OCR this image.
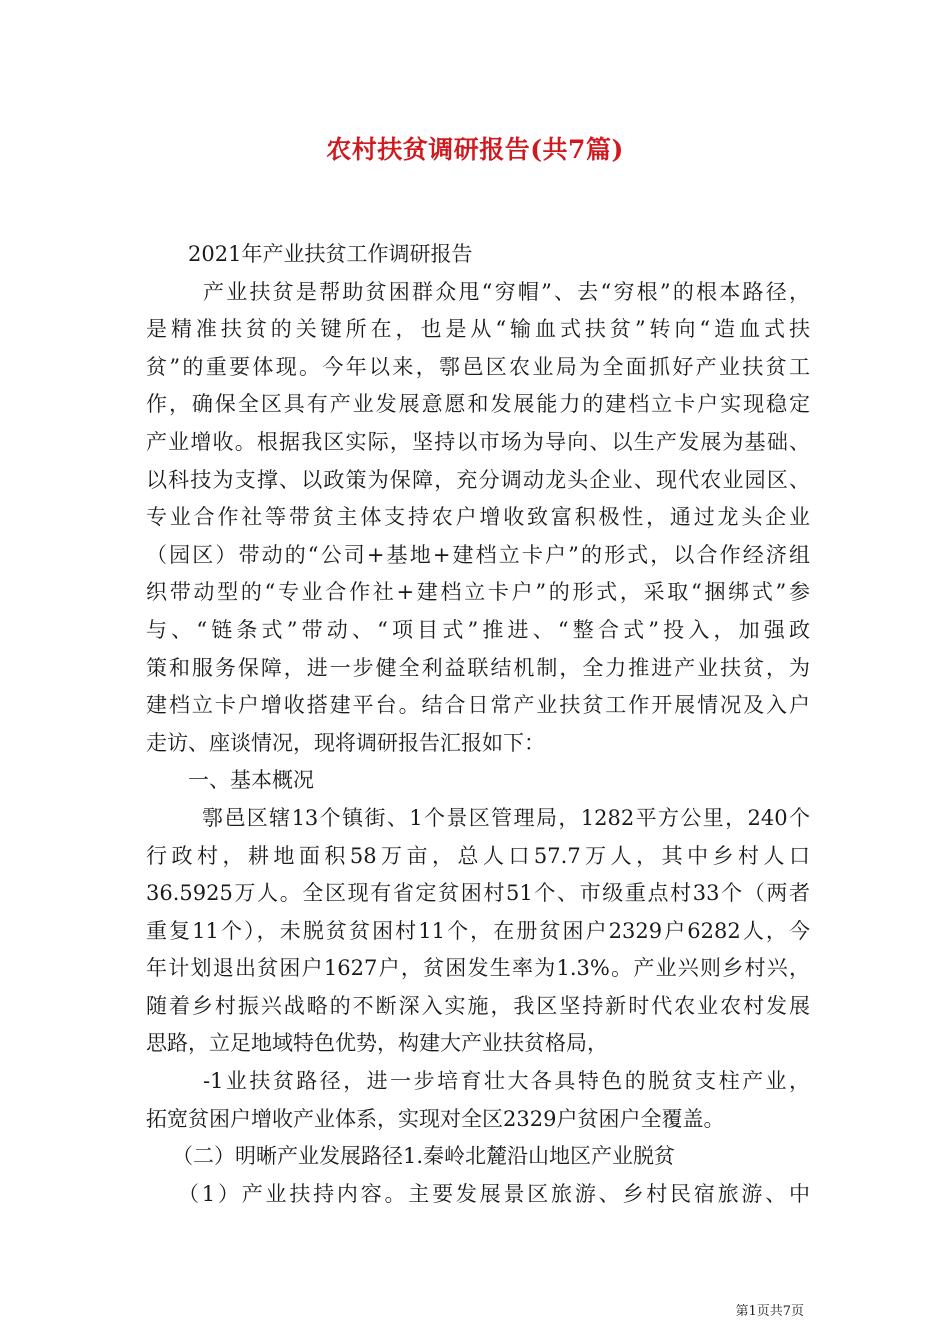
农村扶贫调研报告(共7篇)

2021年产业扶贫工作调研报告

产业扶贫是帮助贫困群众甩“穷帽”、去“穷根”的根本路径，

是精准扶贫的关键所在，也是从“输血式扶贫”转向“造血式扶

贫”的重要体现。今年以来，鄠邑区农业局为全面抓好产业扶贫工

作，确保全区具有产业发展意愿和发展能力的建档立卡户实现稳定

产业增收。根据我区实际，坚持以市场为导向、以生产发展为基础、

以科技为支撑、以政策为保障，充分调动龙头企业、现代农业园区、

专业合作社等带贫主体支持农户增收致富积极性，通过龙头企业

（园区）带动的“公司+基地+建档立卡户”的形式，以合作经济组

织带动型的“专业合作社+建档立卡户”的形式，采取“捆绑式”参

与、“链条式”带动、“项目式”推进、“整合式”投入，加强政

策和服务保障，进一步健全利益联结机制，全力推进产业扶贫，为

建档立卡户增收搭建平台。结合日常产业扶贫工作开展情况及入户

走访、座谈情况，现将调研报告汇报如下：

一、基本概况

鄠邑区辖13个镇街、1个景区管理局，1282平方公里，240个

行政村，耕地面积58万亩，总人口57.7万人，其中乡村人口

36.5925万人。全区现有省定贫困村51个、市级重点村33个（两者

重复11个），未脱贫贫困村11个，在册贫困户2329户6282人，今

年计划退出贫困户1627户，贫困发生率为1.3%。产业兴则乡村兴，

随着乡村振兴战略的不断深入实施，我区坚持新时代农业农村发展

思路，立足地域特色优势，构建大产业扶贫格局，

-1业扶贫路径，进一步培育壮大各具特色的脱贫支柱产业，

拓宽贫困户增收产业体系，实现对全区2329户贫困户全覆盖。

（二）明晰产业发展路径1.秦岭北麓沿山地区产业脱贫

（1）产业扶持内容。主要发展景区旅游、乡村民宿旅游、中

第1页共7页
